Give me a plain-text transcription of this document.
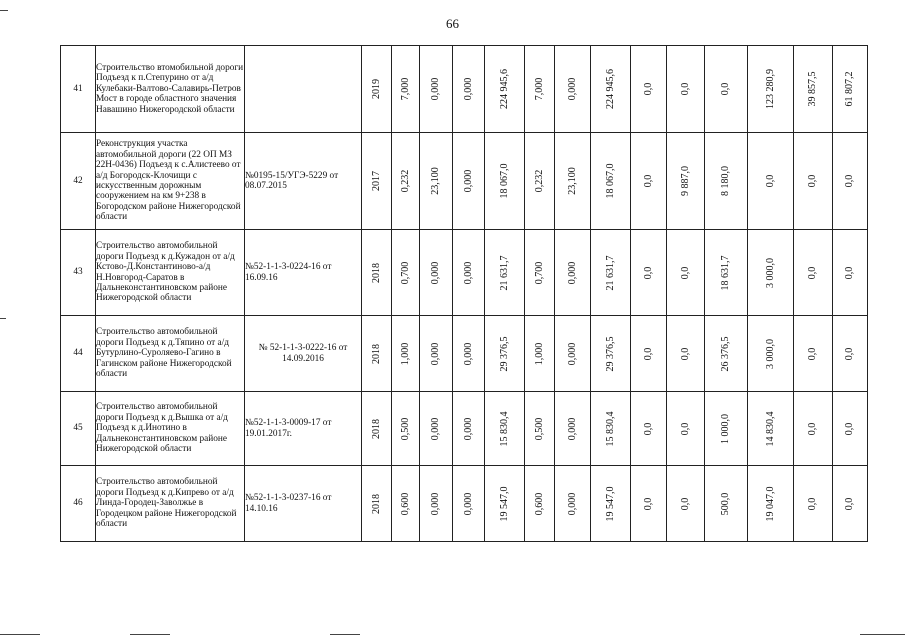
66
41	Строительство втомобильной дороги Подъезд к п.Степурино от а/д Кулебаки-Валтово-Салавирь-Петров Мост в городе областного значения Навашино Нижегородской области		2019	7,000	0,000	0,000	224 945,6	7,000	0,000	224 945,6	0,0	0,0	0,0	123 280,9	39 857,5	61 807,2

42	Реконструкция участка автомобильной дороги (22 ОП МЗ 22Н-0436) Подъезд к с.Алистеево от а/д Богородск-Клочищи с искусственным дорожным сооружением на км 9+238 в Богородском районе Нижегородской области	№0195-15/УГЭ-5229 от 08.07.2015	2017	0,232	23,100	0,000	18 067,0	0,232	23,100	18 067,0	0,0	9 887,0	8 180,0	0,0	0,0	0,0

43	Строительство автомобильной дороги Подъезд к д.Кужадон от а/д Кстово-Д.Константиново-а/д Н.Новгород-Саратов в Дальнеконстантиновском районе Нижегородской области	№52-1-1-3-0224-16 от 16.09.16	2018	0,700	0,000	0,000	21 631,7	0,700	0,000	21 631,7	0,0	0,0	18 631,7	3 000,0	0,0	0,0

44	Строительство автомобильной дороги Подъезд к д.Тяпино от а/д Бутурлино-Суроляево-Гагино в Гагинском районе Нижегородской области	№ 52-1-1-3-0222-16 от 14.09.2016	2018	1,000	0,000	0,000	29 376,5	1,000	0,000	29 376,5	0,0	0,0	26 376,5	3 000,0	0,0	0,0

45	Строительство автомобильной дороги Подъезд к д.Вышка от а/д Подъезд к д.Инотино в Дальнеконстантиновском районе Нижегородской области	№52-1-1-3-0009-17 от 19.01.2017г.	2018	0,500	0,000	0,000	15 830,4	0,500	0,000	15 830,4	0,0	0,0	1 000,0	14 830,4	0,0	0,0

46	Строительство автомобильной дороги Подъезд к д.Кипрево от а/д Линда-Городец-Заволжье в Городецком районе Нижегородской области	№52-1-1-3-0237-16 от 14.10.16	2018	0,600	0,000	0,000	19 547,0	0,600	0,000	19 547,0	0,0	0,0	500,0	19 047,0	0,0	0,0
